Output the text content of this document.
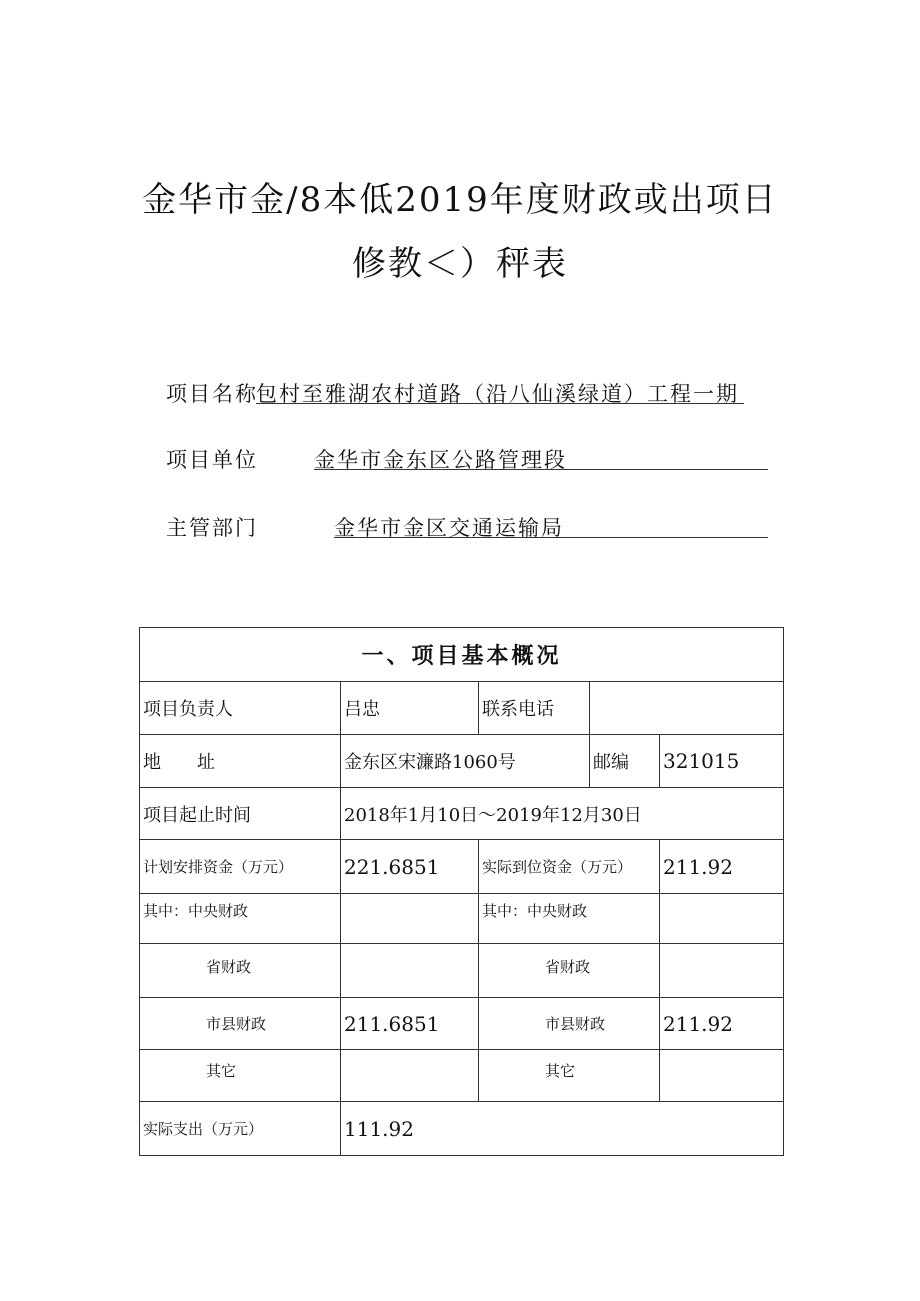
金华市金/8本低2019年度财政或出项日
修教＜）秤表
项目名称
包村至雅湖农村道路（沿八仙溪绿道）工程一期
项目单位	金华市金东区公路管理段
主管部门	金华市金区交通运输局
一、项目基本概况				
项目负责人	吕忠	联系电话		
地　　址	金东区宋濂路1060号		邮编	321015
项目起止时间	2018年1月10日～2019年12月30日			
计划安排资金（万元）	221.6851	实际到位资金（万元）		211.92
其中：中央财政		其中：中央财政		
省财政		省财政		
市县财政	211.6851	市县财政		211.92
其它		其它		
实际支出（万元）	111.92			
